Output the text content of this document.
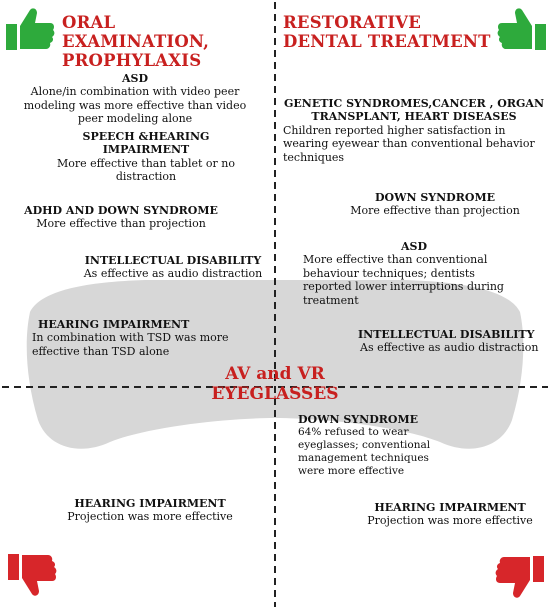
ORAL EXAMINATION, PROPHYLAXIS
RESTORATIVE DENTAL TREATMENT
AV and VR
EYEGLASSES
ASD
Alone/in combination with video peer modeling was more effective than video peer modeling alone
SPEECH &HEARING IMPAIRMENT
More effective than tablet or no distraction
ADHD AND DOWN SYNDROME
More effective than projection
INTELLECTUAL DISABILITY
As effective as audio distraction
HEARING IMPAIRMENT
In combination with TSD was more effective than TSD alone
HEARING IMPAIRMENT
Projection was more effective
GENETIC SYNDROMES,CANCER , ORGAN TRANSPLANT, HEART DISEASES
Children reported higher satisfaction in wearing eyewear than conventional behavior techniques
DOWN SYNDROME
More effective than projection
ASD
More effective than conventional behaviour techniques; dentists reported lower interruptions during treatment
INTELLECTUAL DISABILITY
As effective as audio distraction
DOWN SYNDROME
64% refused to wear eyeglasses; conventional management techniques were more effective
HEARING IMPAIRMENT
Projection was more effective
